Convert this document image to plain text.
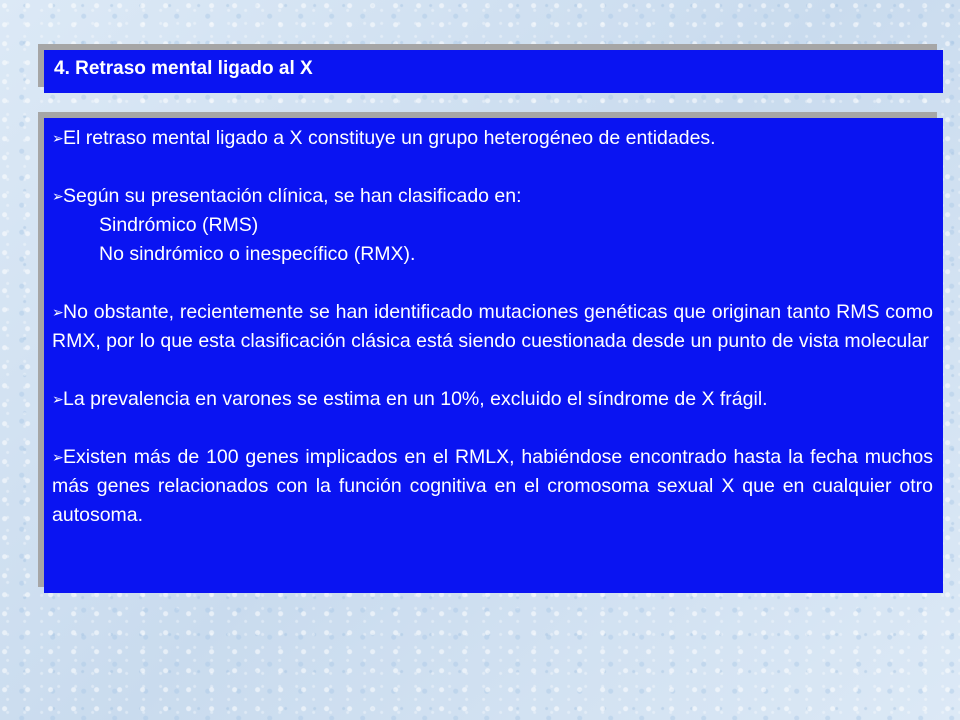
4. Retraso mental ligado al X

➢El retraso mental ligado a X constituye un grupo heterogéneo de entidades.

➢Según su presentación clínica, se han clasificado en:

Sindrómico (RMS)

No sindrómico o inespecífico (RMX).

➢No obstante, recientemente se han identificado mutaciones genéticas que originan tanto RMS como RMX, por lo que esta clasificación clásica está siendo cuestionada desde un punto de vista molecular

➢La prevalencia en varones se estima en un 10%, excluido el síndrome de X frágil.

➢Existen más de 100 genes implicados en el RMLX, habiéndose encontrado hasta la fecha muchos más genes relacionados con la función cognitiva en el cromosoma sexual X que en cualquier otro autosoma.
